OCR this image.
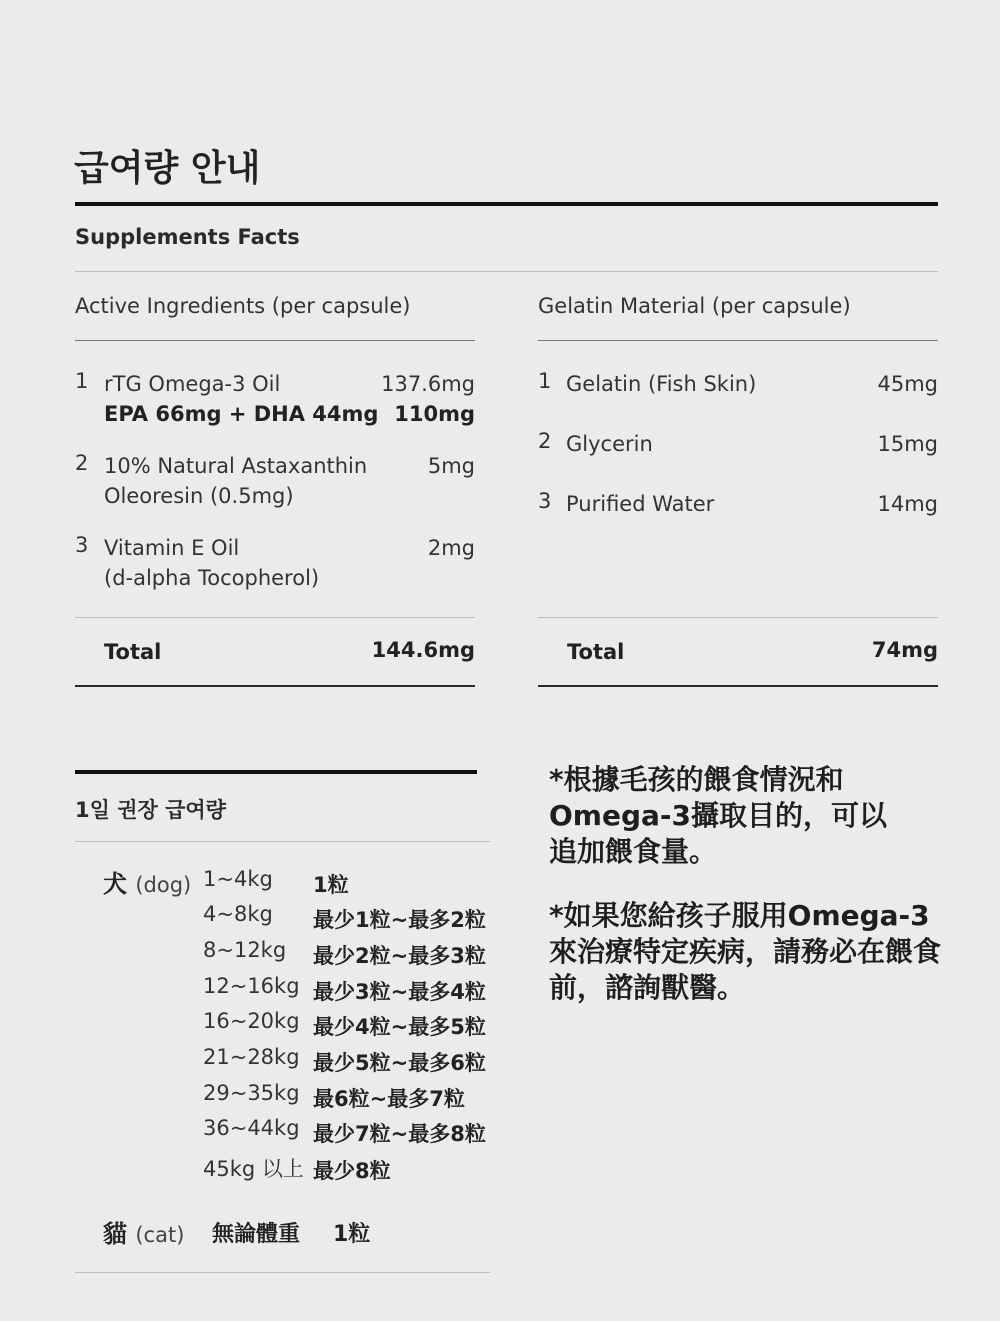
급여량 안내
Supplements Facts
Active Ingredients (per capsule)
1 rTG Omega-3 Oil	137.6mg
EPA 66mg + DHA 44mg 110mg
2 10% Natural Astaxanthin	5mg
Oleoresin (0.5mg)
3 Vitamin E Oil	2mg
(d-alpha Tocopherol)
Total	144.6mg
Gelatin Material (per capsule)
1 Gelatin (Fish Skin)	45mg
2 Glycerin	15mg
3 Purified Water	14mg
Total	74mg
1일 권장 급여량
犬 (dog) 1~4kg 1粒
4~8kg 最少1粒~最多2粒
8~12kg 最少2粒~最多3粒
12~16kg 最少3粒~最多4粒
16~20kg 最少4粒~最多5粒
21~28kg 最少5粒~最多6粒
29~35kg 最6粒~最多7粒
36~44kg 最少7粒~最多8粒
45kg 以上 最少8粒
貓 (cat) 無論體重 1粒
*根據毛孩的餵食情況和
Omega-3攝取目的，可以
追加餵食量。
*如果您給孩子服用Omega-3
來治療特定疾病，請務必在餵食
前，諮詢獸醫。
